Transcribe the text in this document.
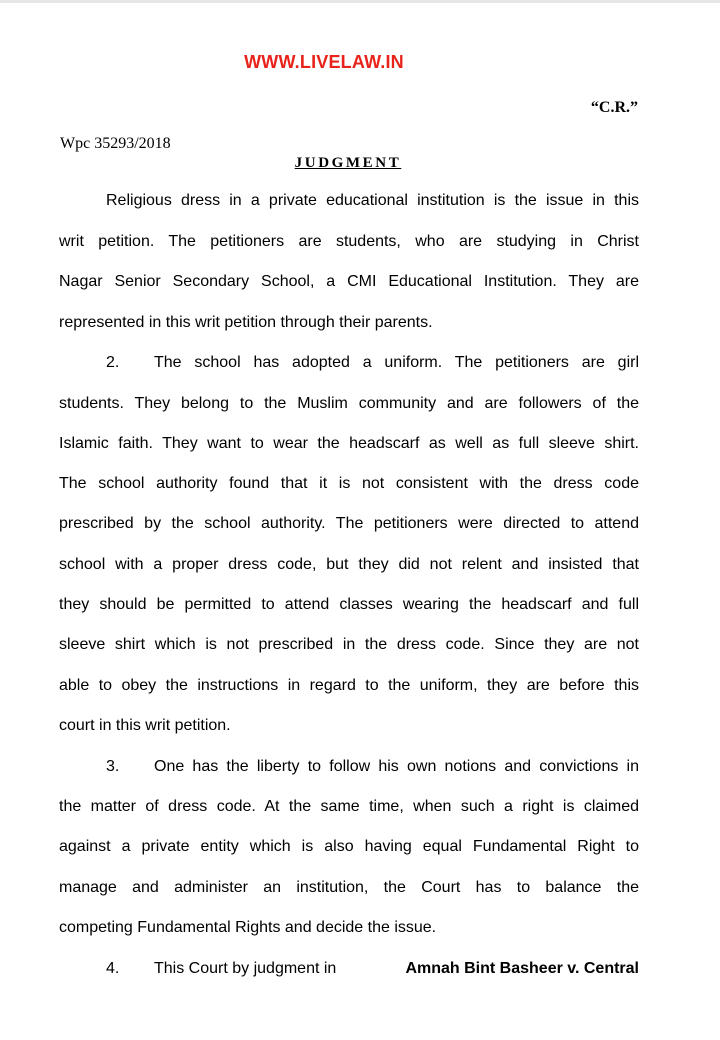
WWW.LIVELAW.IN
“C.R.”
Wpc 35293/2018
JUDGMENT
Religious dress in a private educational institution is the issue in this
writ petition. The petitioners are students, who are studying in Christ
Nagar Senior Secondary School, a CMI Educational Institution. They are
represented in this writ petition through their parents.
2.	The school has adopted a uniform. The petitioners are girl
students. They belong to the Muslim community and are followers of the
Islamic faith. They want to wear the headscarf as well as full sleeve shirt.
The school authority found that it is not consistent with the dress code
prescribed by the school authority. The petitioners were directed to attend
school with a proper dress code, but they did not relent and insisted that
they should be permitted to attend classes wearing the headscarf and full
sleeve shirt which is not prescribed in the dress code. Since they are not
able to obey the instructions in regard to the uniform, they are before this
court in this writ petition.
3.	One has the liberty to follow his own notions and convictions in
the matter of dress code. At the same time, when such a right is claimed
against a private entity which is also having equal Fundamental Right to
manage and administer an institution, the Court has to balance the
competing Fundamental Rights and decide the issue.
4.	This Court by judgment in	Amnah Bint Basheer v. Central
